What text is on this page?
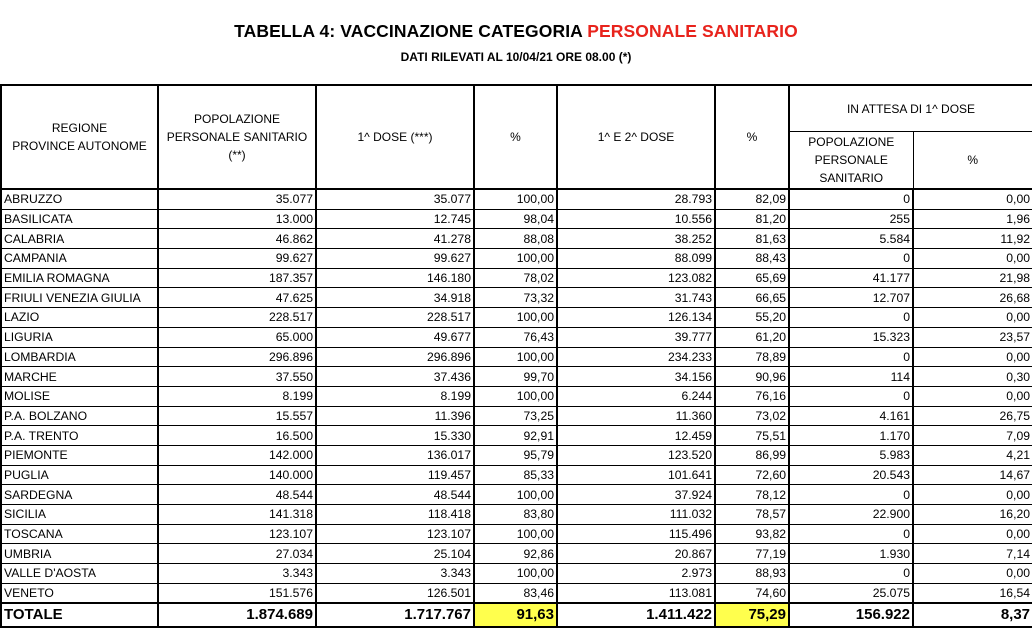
TABELLA 4: VACCINAZIONE CATEGORIA PERSONALE SANITARIO
DATI RILEVATI AL 10/04/21 ORE 08.00 (*)
REGIONE
PROVINCE AUTONOME	POPOLAZIONE PERSONALE SANITARIO (**)	1^ DOSE (***)	%	1^ E 2^ DOSE	%	IN ATTESA DI 1^ DOSE	
						POPOLAZIONE PERSONALE SANITARIO	%
ABRUZZO	35.077	35.077	100,00	28.793	82,09	0	0,00
BASILICATA	13.000	12.745	98,04	10.556	81,20	255	1,96
CALABRIA	46.862	41.278	88,08	38.252	81,63	5.584	11,92
CAMPANIA	99.627	99.627	100,00	88.099	88,43	0	0,00
EMILIA ROMAGNA	187.357	146.180	78,02	123.082	65,69	41.177	21,98
FRIULI VENEZIA GIULIA	47.625	34.918	73,32	31.743	66,65	12.707	26,68
LAZIO	228.517	228.517	100,00	126.134	55,20	0	0,00
LIGURIA	65.000	49.677	76,43	39.777	61,20	15.323	23,57
LOMBARDIA	296.896	296.896	100,00	234.233	78,89	0	0,00
MARCHE	37.550	37.436	99,70	34.156	90,96	114	0,30
MOLISE	8.199	8.199	100,00	6.244	76,16	0	0,00
P.A. BOLZANO	15.557	11.396	73,25	11.360	73,02	4.161	26,75
P.A. TRENTO	16.500	15.330	92,91	12.459	75,51	1.170	7,09
PIEMONTE	142.000	136.017	95,79	123.520	86,99	5.983	4,21
PUGLIA	140.000	119.457	85,33	101.641	72,60	20.543	14,67
SARDEGNA	48.544	48.544	100,00	37.924	78,12	0	0,00
SICILIA	141.318	118.418	83,80	111.032	78,57	22.900	16,20
TOSCANA	123.107	123.107	100,00	115.496	93,82	0	0,00
UMBRIA	27.034	25.104	92,86	20.867	77,19	1.930	7,14
VALLE D'AOSTA	3.343	3.343	100,00	2.973	88,93	0	0,00
VENETO	151.576	126.501	83,46	113.081	74,60	25.075	16,54
TOTALE	1.874.689	1.717.767	91,63	1.411.422	75,29	156.922	8,37
